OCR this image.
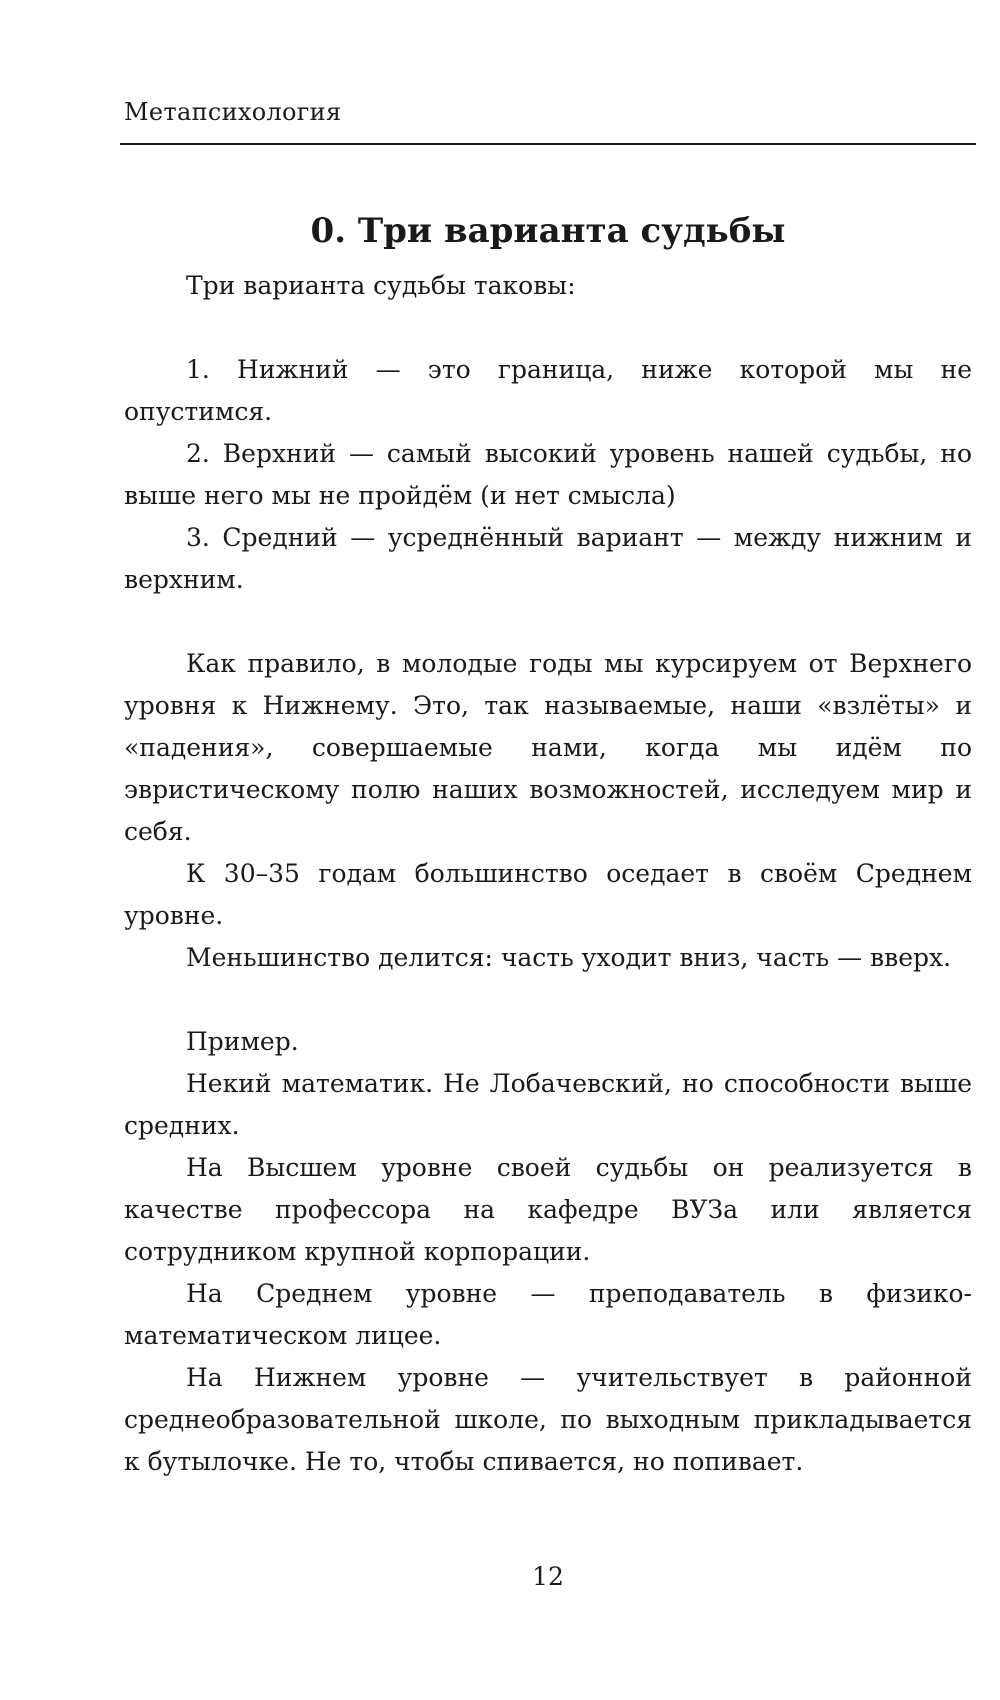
Метапсихология
0. Три варианта судьбы

Три варианта судьбы таковы:

1. Нижний — это граница, ниже которой мы не опустимся.

2. Верхний — самый высокий уровень нашей судьбы, но выше него мы не пройдём (и нет смысла)

3. Средний — усреднённый вариант — между нижним и верхним.

Как правило, в молодые годы мы курсируем от Верхнего уровня к Нижнему. Это, так называемые, наши «взлёты» и «падения», совершаемые нами, когда мы идём по эвристическому полю наших возможностей, исследуем мир и себя.

К 30–35 годам большинство оседает в своём Среднем уровне.

Меньшинство делится: часть уходит вниз, часть — вверх.

Пример.

Некий математик. Не Лобачевский, но способности выше средних.

На Высшем уровне своей судьбы он реализуется в качестве профессора на кафедре ВУЗа или является сотрудником крупной корпорации.

На Среднем уровне — преподаватель в физико-математическом лицее.

На Нижнем уровне — учительствует в районной среднеобразовательной школе, по выходным прикладывается к бутылочке. Не то, чтобы спивается, но попивает.

12
